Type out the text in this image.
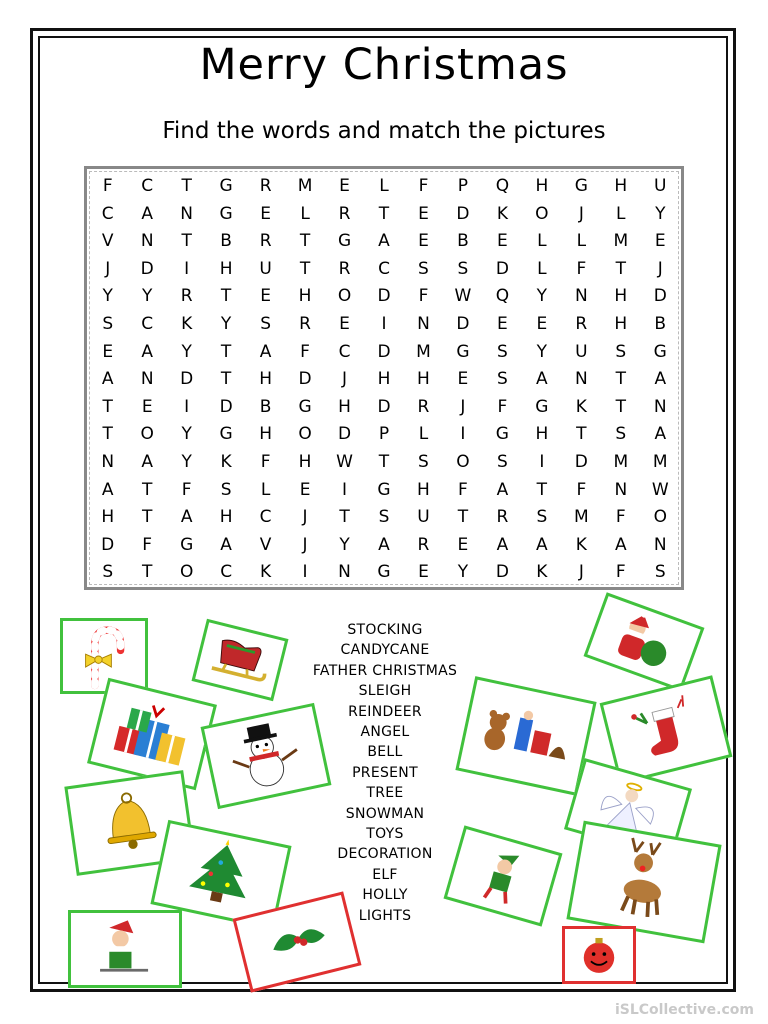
Merry Christmas
Find the words and match the pictures
F	C	T	G	R	M	E	L	F	P	Q	H	G	H	U
C	A	N	G	E	L	R	T	E	D	K	O	J	L	Y
V	N	T	B	R	T	G	A	E	B	E	L	L	M	E
J	D	I	H	U	T	R	C	S	S	D	L	F	T	J
Y	Y	R	T	E	H	O	D	F	W	Q	Y	N	H	D
S	C	K	Y	S	R	E	I	N	D	E	E	R	H	B
E	A	Y	T	A	F	C	D	M	G	S	Y	U	S	G
A	N	D	T	H	D	J	H	H	E	S	A	N	T	A
T	E	I	D	B	G	H	D	R	J	F	G	K	T	N
T	O	Y	G	H	O	D	P	L	I	G	H	T	S	A
N	A	Y	K	F	H	W	T	S	O	S	I	D	M	M
A	T	F	S	L	E	I	G	H	F	A	T	F	N	W
H	T	A	H	C	J	T	S	U	T	R	S	M	F	O
D	F	G	A	V	J	Y	A	R	E	A	A	K	A	N
S	T	O	C	K	I	N	G	E	Y	D	K	J	F	S
STOCKING
CANDYCANE
FATHER CHRISTMAS
SLEIGH
REINDEER
ANGEL
BELL
PRESENT
TREE
SNOWMAN
TOYS
DECORATION
ELF
HOLLY
LIGHTS
iSLCollective.com
